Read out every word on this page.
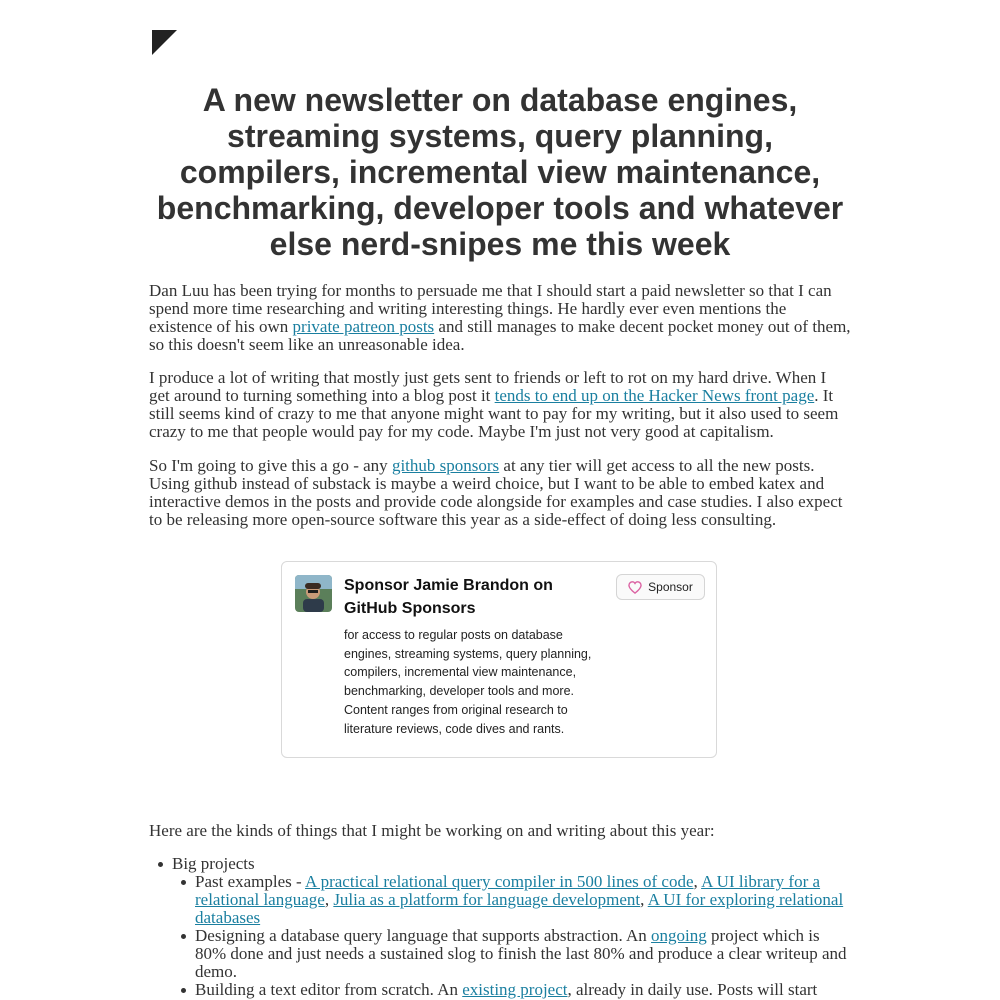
A new newsletter on database engines, streaming systems, query planning, compilers, incremental view maintenance, benchmarking, developer tools and whatever else nerd-snipes me this week

Dan Luu has been trying for months to persuade me that I should start a paid newsletter so that I can spend more time researching and writing interesting things. He hardly ever even mentions the existence of his own private patreon posts and still manages to make decent pocket money out of them, so this doesn't seem like an unreasonable idea.

I produce a lot of writing that mostly just gets sent to friends or left to rot on my hard drive. When I get around to turning something into a blog post it tends to end up on the Hacker News front page. It still seems kind of crazy to me that anyone might want to pay for my writing, but it also used to seem crazy to me that people would pay for my code. Maybe I'm just not very good at capitalism.

So I'm going to give this a go - any github sponsors at any tier will get access to all the new posts. Using github instead of substack is maybe a weird choice, but I want to be able to embed katex and interactive demos in the posts and provide code alongside for examples and case studies. I also expect to be releasing more open-source software this year as a side-effect of doing less consulting.

Sponsor Jamie Brandon on GitHub Sponsors
for access to regular posts on database engines, streaming systems, query planning, compilers, incremental view maintenance, benchmarking, developer tools and more. Content ranges from original research to literature reviews, code dives and rants.
Sponsor

Here are the kinds of things that I might be working on and writing about this year:

Big projects
Past examples - A practical relational query compiler in 500 lines of code, A UI library for a relational language, Julia as a platform for language development, A UI for exploring relational databases
Designing a database query language that supports abstraction. An ongoing project which is 80% done and just needs a sustained slog to finish the last 80% and produce a clear writeup and demo.
Building a text editor from scratch. An existing project, already in daily use. Posts will start
